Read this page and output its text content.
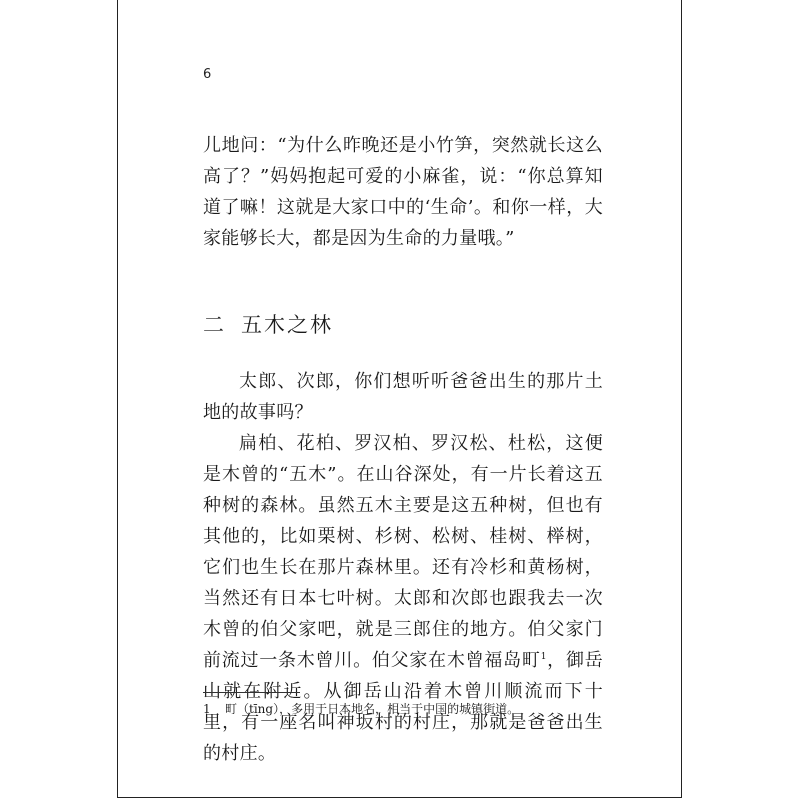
6

儿地问：“为什么昨晚还是小竹笋，突然就长这么高了？”妈妈抱起可爱的小麻雀，说：“你总算知道了嘛！这就是大家口中的‘生命’。和你一样，大家能够长大，都是因为生命的力量哦。”

二 五木之林

太郎、次郎，你们想听听爸爸出生的那片土地的故事吗？

扁柏、花柏、罗汉柏、罗汉松、杜松，这便是木曾的“五木”。在山谷深处，有一片长着这五种树的森林。虽然五木主要是这五种树，但也有其他的，比如栗树、杉树、松树、桂树、榉树，它们也生长在那片森林里。还有冷杉和黄杨树，当然还有日本七叶树。太郎和次郎也跟我去一次木曾的伯父家吧，就是三郎住的地方。伯父家门前流过一条木曾川。伯父家在木曾福岛町$^1$，御岳山就在附近。从御岳山沿着木曾川顺流而下十里，有一座名叫神坂村的村庄，那就是爸爸出生的村庄。

1 町（tīng），多用于日本地名，相当于中国的城镇街道。
